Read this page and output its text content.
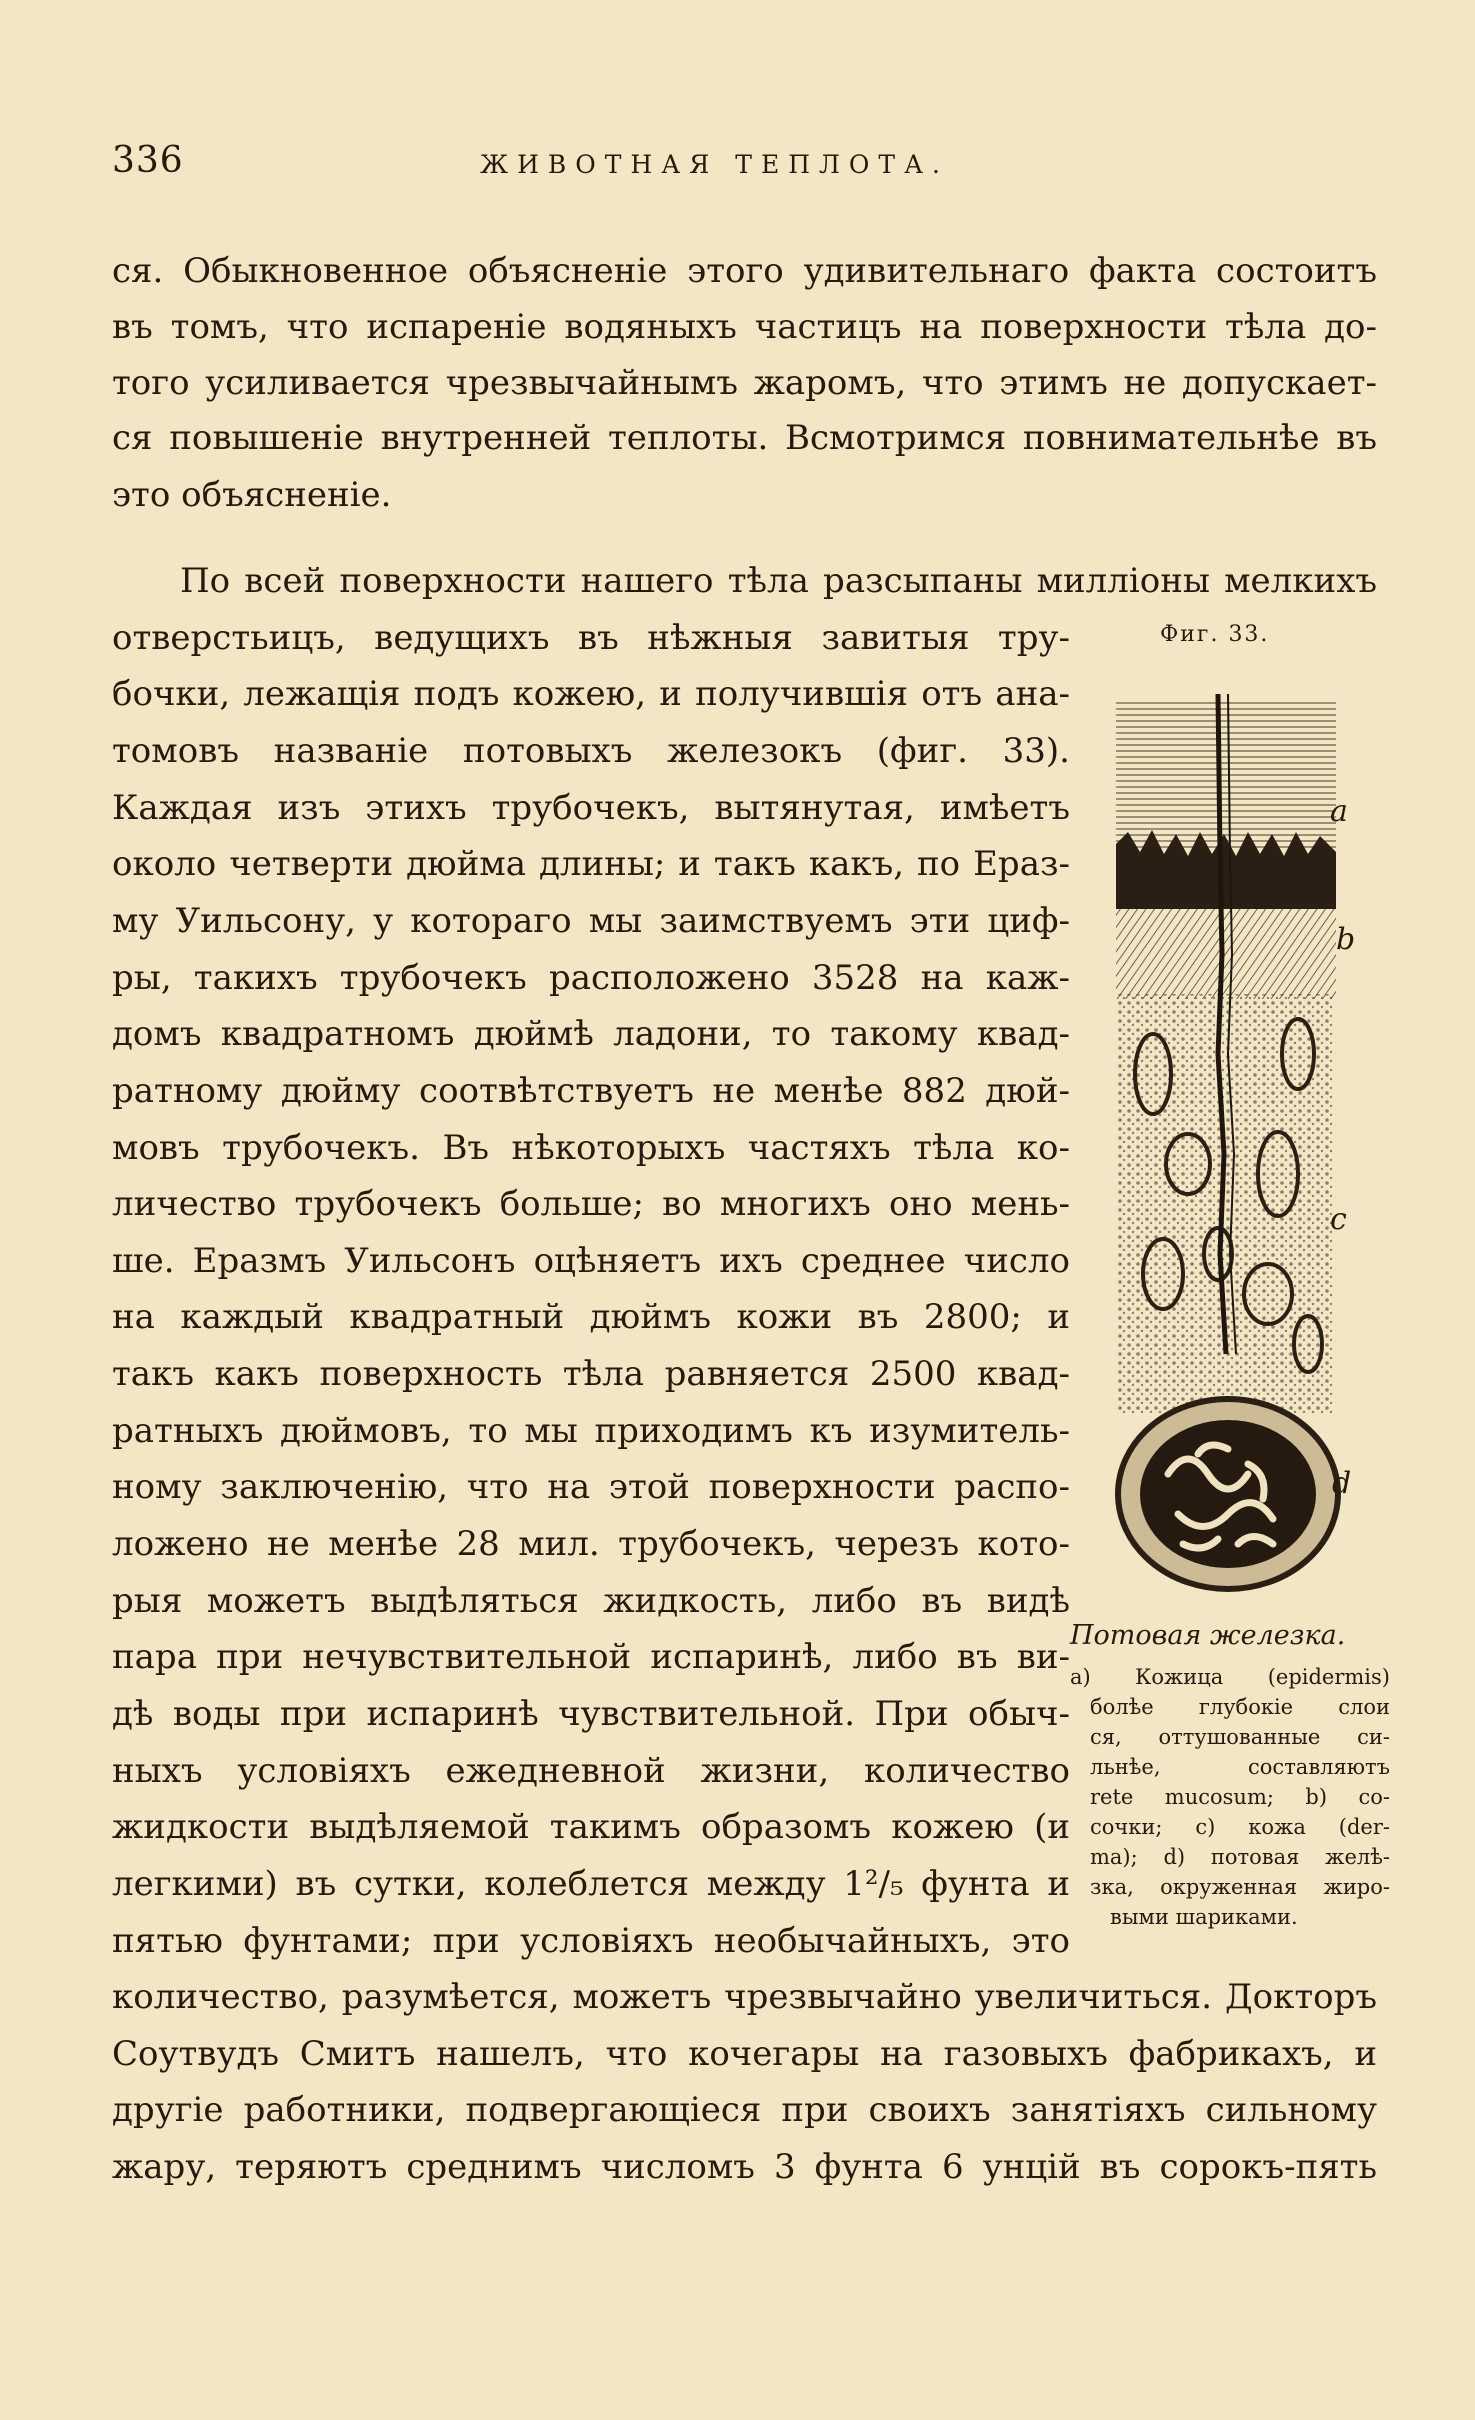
336	ЖИВОТНАЯ ТЕПЛОТА.
ся. Обыкновенное объясненіе этого удивительнаго факта состоитъ
въ томъ, что испареніе водяныхъ частицъ на поверхности тѣла до-
того усиливается чрезвычайнымъ жаромъ, что этимъ не допускает-
ся повышеніе внутренней теплоты. Всмотримся повнимательнѣе въ
это объясненіе.
По всей поверхности нашего тѣла разсыпаны милліоны мелкихъ
отверстьицъ, ведущихъ въ нѣжныя завитыя тру-
бочки, лежащія подъ кожею, и получившія отъ ана-
томовъ названіе потовыхъ железокъ (фиг. 33).
Каждая изъ этихъ трубочекъ, вытянутая, имѣетъ
около четверти дюйма длины; и такъ какъ, по Ераз-
му Уильсону, у котораго мы заимствуемъ эти циф-
ры, такихъ трубочекъ расположено 3528 на каж-
домъ квадратномъ дюймѣ ладони, то такому квад-
ратному дюйму соотвѣтствуетъ не менѣе 882 дюй-
мовъ трубочекъ. Въ нѣкоторыхъ частяхъ тѣла ко-
личество трубочекъ больше; во многихъ оно мень-
ше. Еразмъ Уильсонъ оцѣняетъ ихъ среднее число
на каждый квадратный дюймъ кожи въ 2800; и
такъ какъ поверхность тѣла равняется 2500 квад-
ратныхъ дюймовъ, то мы приходимъ къ изумитель-
ному заключенію, что на этой поверхности распо-
ложено не менѣе 28 мил. трубочекъ, черезъ кото-
рыя можетъ выдѣляться жидкость, либо въ видѣ
пара при нечувствительной испаринѣ, либо въ ви-
дѣ воды при испаринѣ чувствительной. При обыч-
ныхъ условіяхъ ежедневной жизни, количество
жидкости выдѣляемой такимъ образомъ кожею (и
легкими) въ сутки, колеблется между 1²/₅ фунта и
пятью фунтами; при условіяхъ необычайныхъ, это
количество, разумѣется, можетъ чрезвычайно увеличиться. Докторъ
Соутвудъ Смитъ нашелъ, что кочегары на газовыхъ фабрикахъ, и
другіе работники, подвергающіеся при своихъ занятіяхъ сильному
жару, теряютъ среднимъ числомъ 3 фунта 6 унцій въ сорокъ-пять
Фиг. 33.
a
b
c
d
Потовая железка.
a) Кожица (epidermis)
болѣе глубокіе слои
ся, оттушованные си-
льнѣе, составляютъ
rete mucosum; b) со-
сочки; c) кожа (der-
ma); d) потовая желѣ-
зка, окруженная жиро-
выми шариками.
